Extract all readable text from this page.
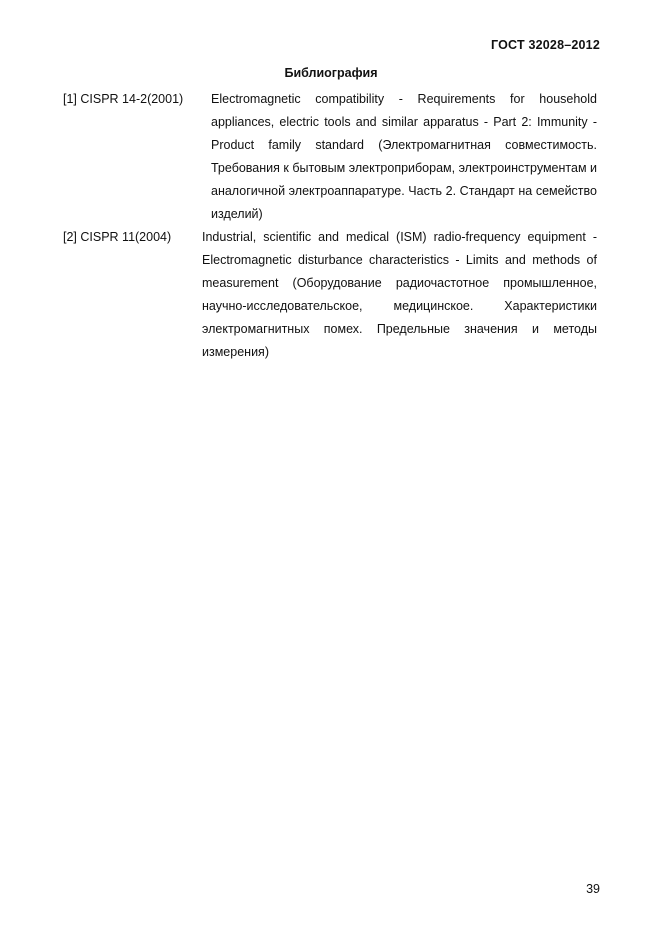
ГОСТ 32028–2012
Библиография
[1] CISPR 14-2(2001) Electromagnetic compatibility - Requirements for household appliances, electric tools and similar apparatus - Part 2: Immunity - Product family standard (Электромагнитная совместимость. Требования к бытовым электроприборам, электроинструментам и аналогичной электроаппаратуре. Часть 2. Стандарт на семейство изделий)
[2] CISPR 11(2004) Industrial, scientific and medical (ISM) radio-frequency equipment - Electromagnetic disturbance characteristics - Limits and methods of measurement (Оборудование радиочастотное промышленное, научно-исследовательское, медицинское. Характеристики электромагнитных помех. Предельные значения и методы измерения)
39
